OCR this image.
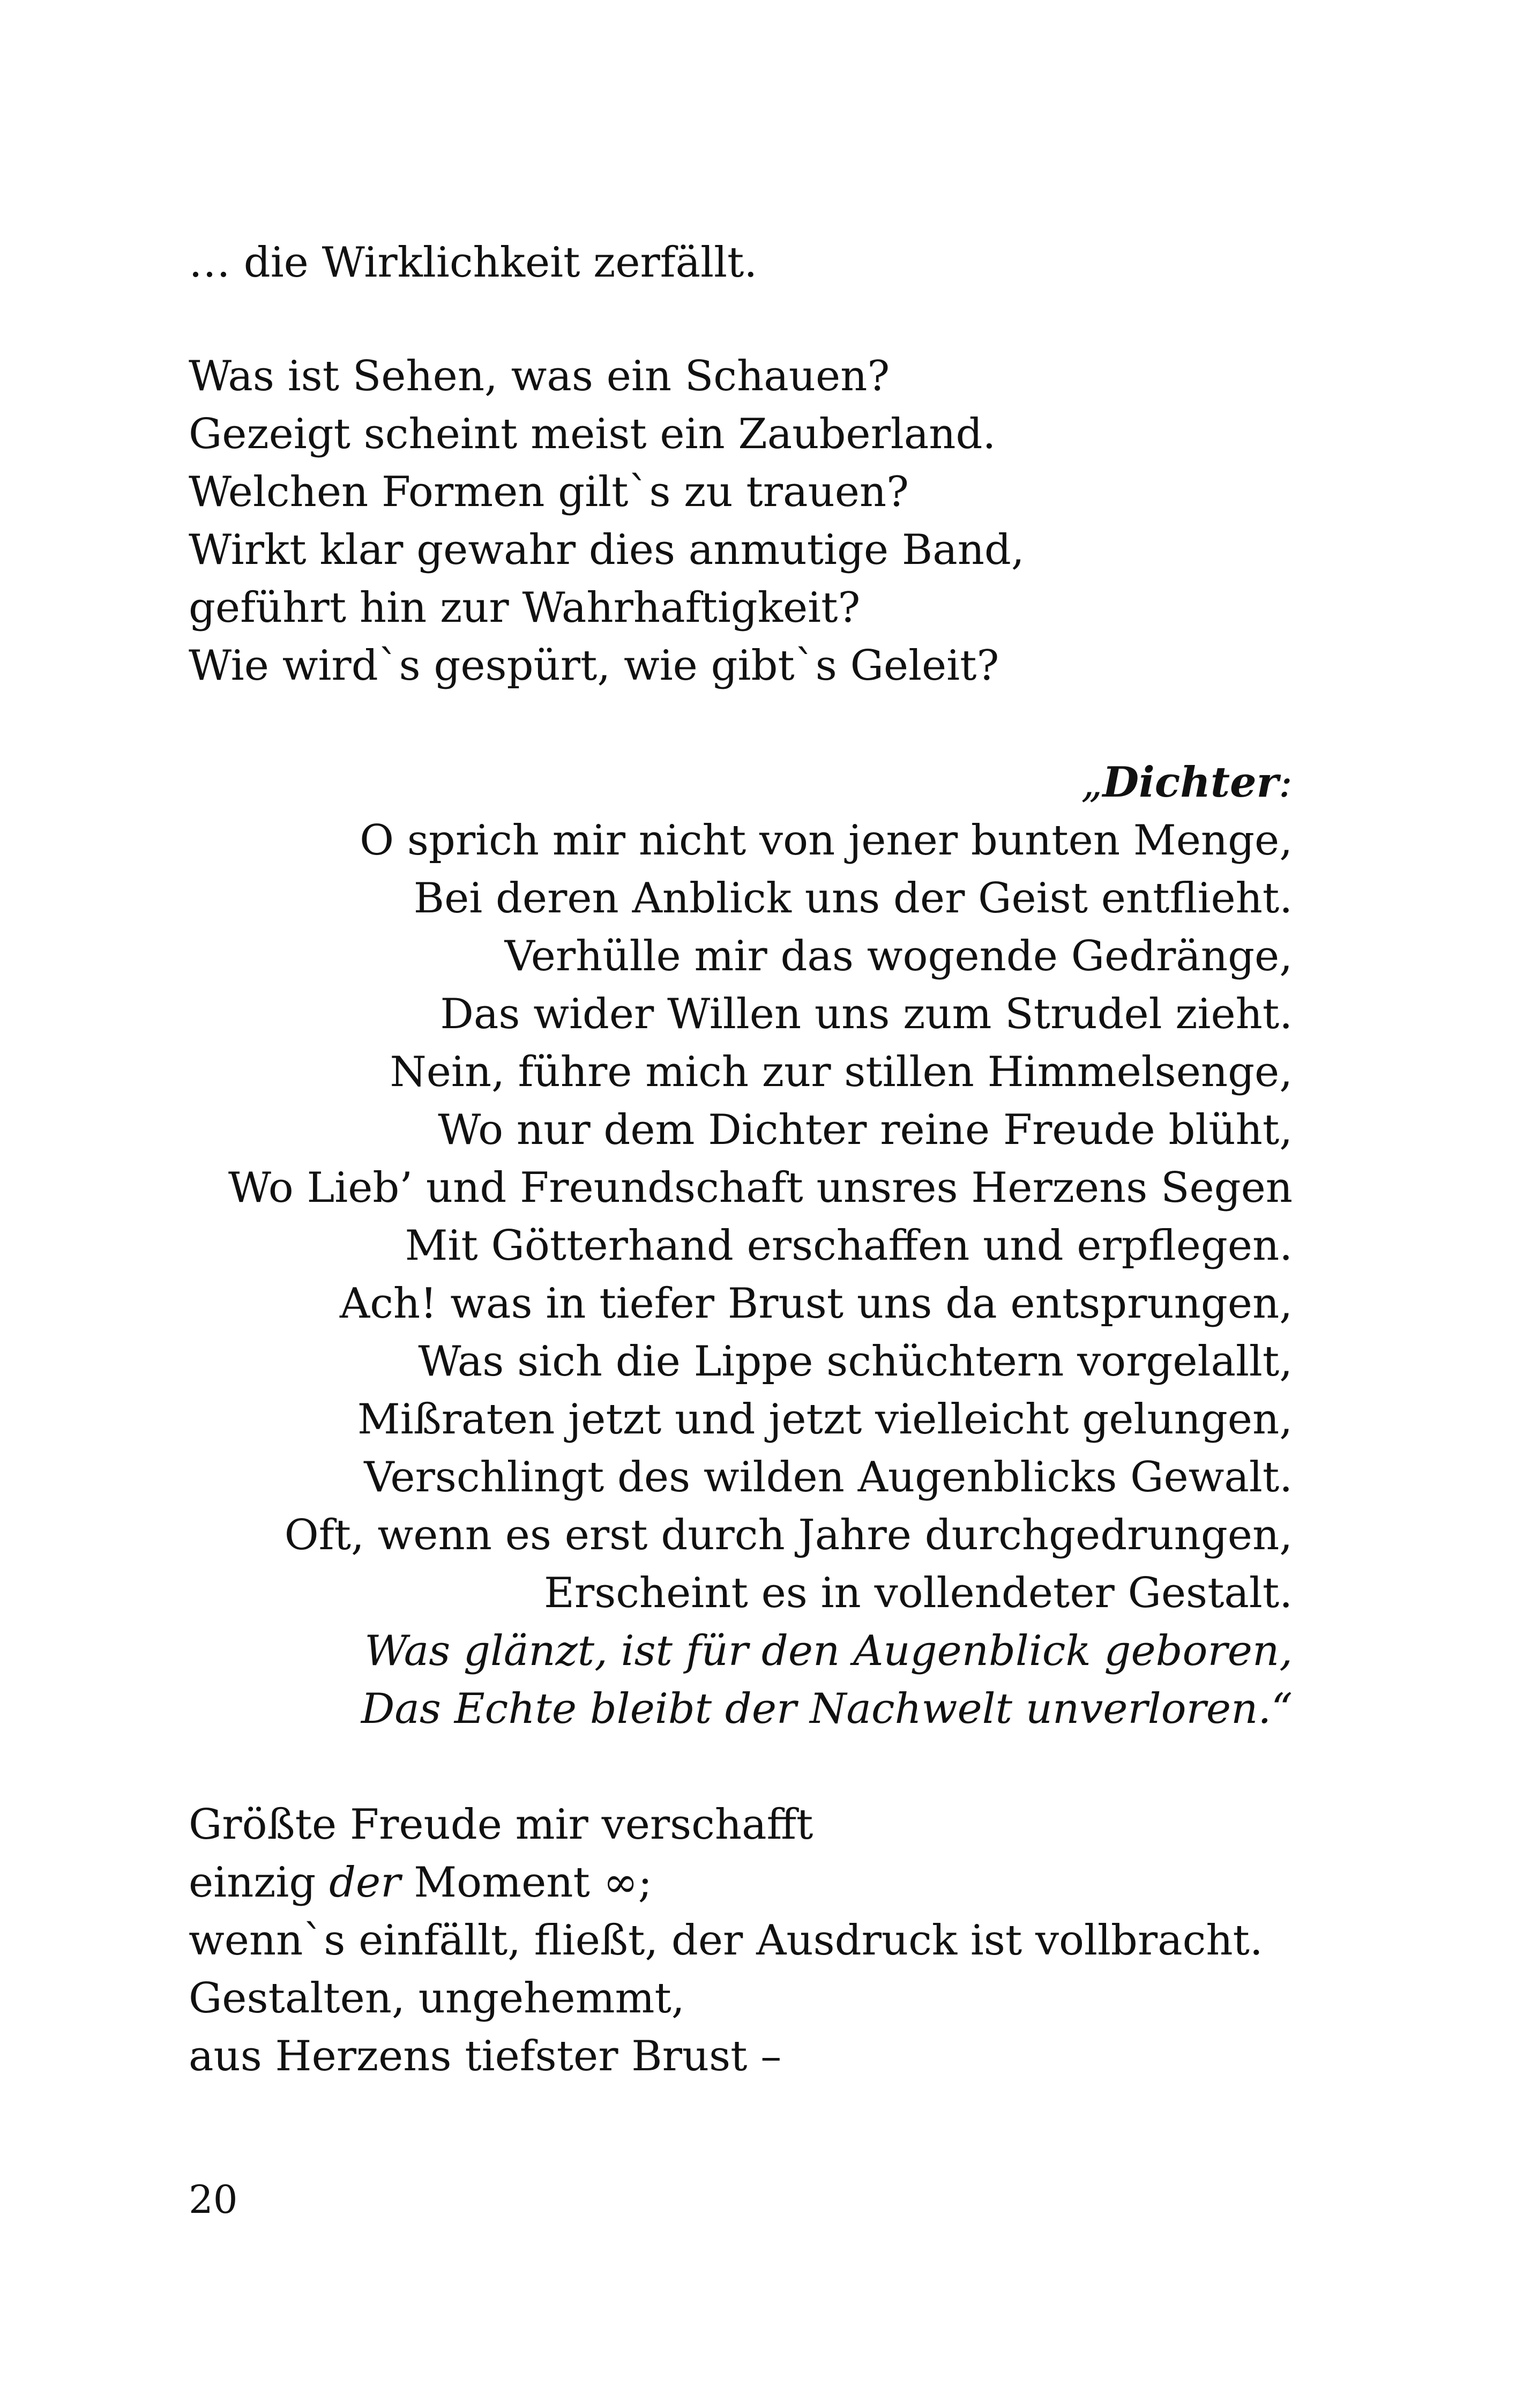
… die Wirklichkeit zerfällt.
Was ist Sehen, was ein Schauen?
Gezeigt scheint meist ein Zauberland.
Welchen Formen gilt`s zu trauen?
Wirkt klar gewahr dies anmutige Band,
geführt hin zur Wahrhaftigkeit?
Wie wird`s gespürt, wie gibt`s Geleit?
„Dichter:
O sprich mir nicht von jener bunten Menge,
Bei deren Anblick uns der Geist entflieht.
Verhülle mir das wogende Gedränge,
Das wider Willen uns zum Strudel zieht.
Nein, führe mich zur stillen Himmelsenge,
Wo nur dem Dichter reine Freude blüht,
Wo Lieb’ und Freundschaft unsres Herzens Segen
Mit Götterhand erschaffen und erpflegen.
Ach! was in tiefer Brust uns da entsprungen,
Was sich die Lippe schüchtern vorgelallt,
Mißraten jetzt und jetzt vielleicht gelungen,
Verschlingt des wilden Augenblicks Gewalt.
Oft, wenn es erst durch Jahre durchgedrungen,
Erscheint es in vollendeter Gestalt.
Was glänzt, ist für den Augenblick geboren,
Das Echte bleibt der Nachwelt unverloren.“
Größte Freude mir verschafft
einzig der Moment ∞;
wenn`s einfällt, fließt, der Ausdruck ist vollbracht.
Gestalten, ungehemmt,
aus Herzens tiefster Brust –
20
